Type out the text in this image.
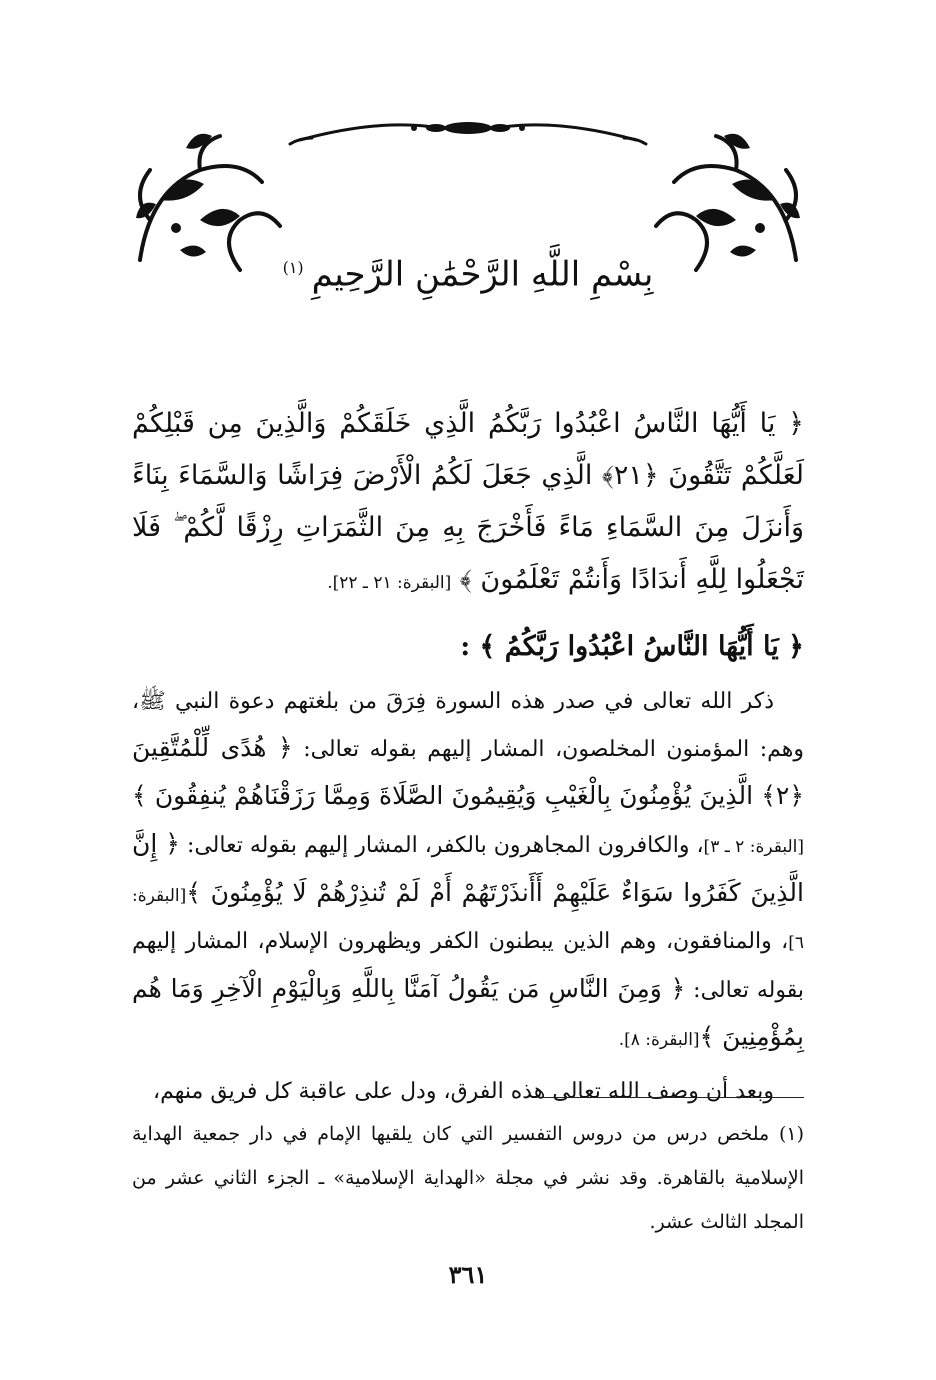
بِسْمِ اللَّهِ الرَّحْمَٰنِ الرَّحِيمِ$^{(١)}$

﴿ يَا أَيُّهَا النَّاسُ اعْبُدُوا رَبَّكُمُ الَّذِي خَلَقَكُمْ وَالَّذِينَ مِن قَبْلِكُمْ لَعَلَّكُمْ تَتَّقُونَ ﴿٢١﴾ الَّذِي جَعَلَ لَكُمُ الْأَرْضَ فِرَاشًا وَالسَّمَاءَ بِنَاءً وَأَنزَلَ مِنَ السَّمَاءِ مَاءً فَأَخْرَجَ بِهِ مِنَ الثَّمَرَاتِ رِزْقًا لَّكُمْ ۖ فَلَا تَجْعَلُوا لِلَّهِ أَندَادًا وَأَنتُمْ تَعْلَمُونَ ﴾ [البقرة: ٢١ ـ ٢٢].

﴿ يَا أَيُّهَا النَّاسُ اعْبُدُوا رَبَّكُمُ ﴾ :

ذكر الله تعالى في صدر هذه السورة فِرَقَ من بلغتهم دعوة النبي ﷺ، وهم: المؤمنون المخلصون، المشار إليهم بقوله تعالى: ﴿ هُدًى لِّلْمُتَّقِينَ ﴿٢﴾ الَّذِينَ يُؤْمِنُونَ بِالْغَيْبِ وَيُقِيمُونَ الصَّلَاةَ وَمِمَّا رَزَقْنَاهُمْ يُنفِقُونَ ﴾[البقرة: ٢ ـ ٣]، والكافرون المجاهرون بالكفر، المشار إليهم بقوله تعالى: ﴿ إِنَّ الَّذِينَ كَفَرُوا سَوَاءٌ عَلَيْهِمْ أَأَنذَرْتَهُمْ أَمْ لَمْ تُنذِرْهُمْ لَا يُؤْمِنُونَ ﴾[البقرة: ٦]، والمنافقون، وهم الذين يبطنون الكفر ويظهرون الإسلام، المشار إليهم بقوله تعالى: ﴿ وَمِنَ النَّاسِ مَن يَقُولُ آمَنَّا بِاللَّهِ وَبِالْيَوْمِ الْآخِرِ وَمَا هُم بِمُؤْمِنِينَ ﴾[البقرة: ٨].

وبعد أن وصف الله تعالى هذه الفرق، ودل على عاقبة كل فريق منهم،

(١) ملخص درس من دروس التفسير التي كان يلقيها الإمام في دار جمعية الهداية الإسلامية بالقاهرة. وقد نشر في مجلة «الهداية الإسلامية» ـ الجزء الثاني عشر من المجلد الثالث عشر.
٣٦١
